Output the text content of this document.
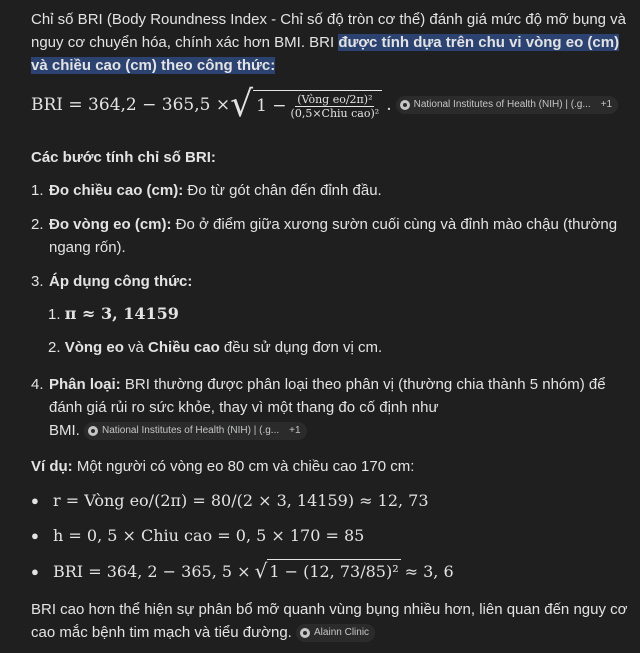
Chỉ số BRI (Body Roundness Index - Chỉ số độ tròn cơ thể) đánh giá mức độ mỡ bụng và nguy cơ chuyển hóa, chính xác hơn BMI. BRI được tính dựa trên chu vi vòng eo (cm) và chiều cao (cm) theo công thức:

BRI = 364,2 − 365,5 × √ $1 - \frac{\text{(Vòng eo/2π)²}}{\text{(0,5×Chiu cao)²}}$ . National Institutes of Health (NIH) | (.g... +1

Các bước tính chỉ số BRI:

1. Đo chiều cao (cm): Đo từ gót chân đến đỉnh đầu.

2. Đo vòng eo (cm): Đo ở điểm giữa xương sườn cuối cùng và đỉnh mào chậu (thường ngang rốn).

3. Áp dụng công thức:

1. π ≈ 3, 14159

2. Vòng eo và Chiều cao đều sử dụng đơn vị cm.

4. Phân loại: BRI thường được phân loại theo phân vị (thường chia thành 5 nhóm) để đánh giá rủi ro sức khỏe, thay vì một thang đo cố định như
BMI. National Institutes of Health (NIH) | (.g... +1

Ví dụ: Một người có vòng eo 80 cm và chiều cao 170 cm:

● r = Vòng eo/(2π) = 80/(2 × 3, 14159) ≈ 12, 73
● h = 0, 5 × Chiu cao = 0, 5 × 170 = 85
● BRI = 364, 2 − 365, 5 × √ 1 − (12, 73/85)² ≈ 3, 6

BRI cao hơn thể hiện sự phân bổ mỡ quanh vùng bụng nhiều hơn, liên quan đến nguy cơ cao mắc bệnh tim mạch và tiểu đường. Alainn Clinic
